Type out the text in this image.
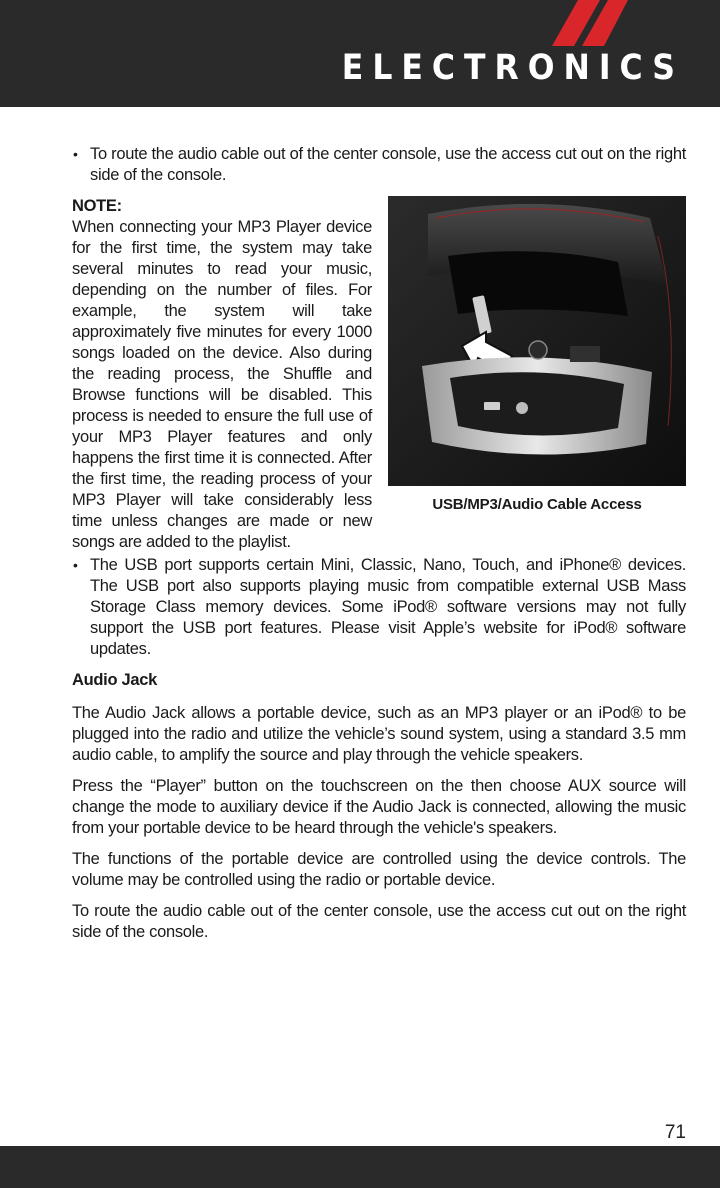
ELECTRONICS
• To route the audio cable out of the center console, use the access cut out on the right side of the console.
NOTE:
When connecting your MP3 Player device for the first time, the system may take several minutes to read your music, depending on the number of files. For example, the system will take approximately five minutes for every 1000 songs loaded on the device. Also during the reading process, the Shuffle and Browse functions will be disabled. This process is needed to ensure the full use of your MP3 Player features and only happens the first time it is connected. After the first time, the reading process of your MP3 Player will take considerably less time unless changes are made or new songs are added to the playlist.
USB/MP3/Audio Cable Access
• The USB port supports certain Mini, Classic, Nano, Touch, and iPhone® devices. The USB port also supports playing music from compatible external USB Mass Storage Class memory devices. Some iPod® software versions may not fully support the USB port features. Please visit Apple’s website for iPod® software updates.
Audio Jack
The Audio Jack allows a portable device, such as an MP3 player or an iPod® to be plugged into the radio and utilize the vehicle’s sound system, using a standard 3.5 mm audio cable, to amplify the source and play through the vehicle speakers.
Press the “Player” button on the touchscreen on the then choose AUX source will change the mode to auxiliary device if the Audio Jack is connected, allowing the music from your portable device to be heard through the vehicle's speakers.
The functions of the portable device are controlled using the device controls. The volume may be controlled using the radio or portable device.
To route the audio cable out of the center console, use the access cut out on the right side of the console.
71
